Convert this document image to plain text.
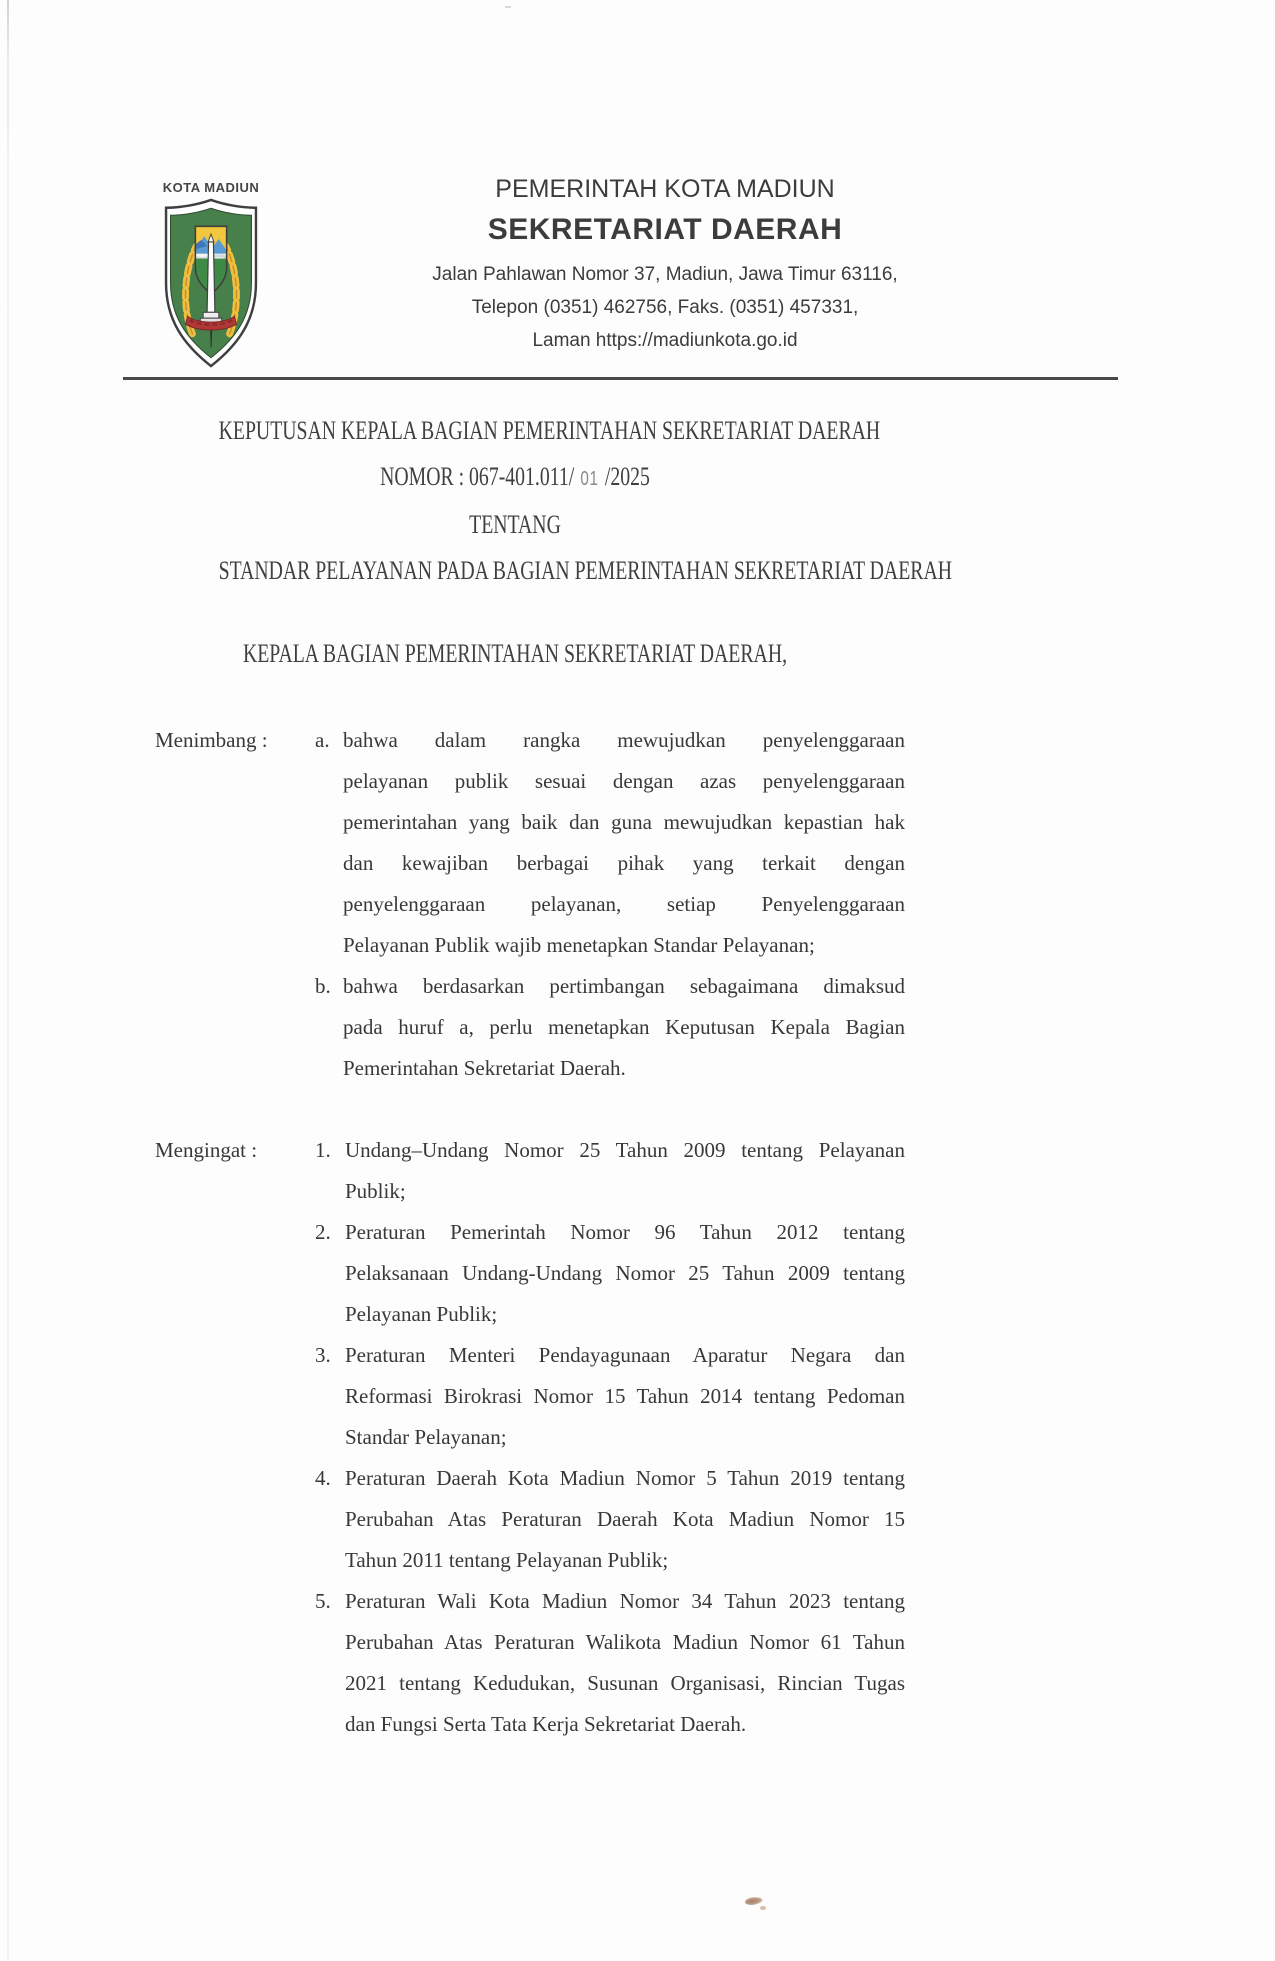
KOTA MADIUN	PEMERINTAH KOTA MADIUN
SEKRETARIAT DAERAH
Jalan Pahlawan Nomor 37, Madiun, Jawa Timur 63116,
Telepon (0351) 462756, Faks. (0351) 457331,
Laman https://madiunkota.go.id
KEPUTUSAN KEPALA BAGIAN PEMERINTAHAN SEKRETARIAT DAERAH
NOMOR : 067-401.011/ 01 /2025
TENTANG
STANDAR PELAYANAN PADA BAGIAN PEMERINTAHAN SEKRETARIAT DAERAH
KEPALA BAGIAN PEMERINTAHAN SEKRETARIAT DAERAH,
Menimbang :	a. bahwa dalam rangka mewujudkan penyelenggaraan
pelayanan publik sesuai dengan azas penyelenggaraan
pemerintahan yang baik dan guna mewujudkan kepastian hak
dan kewajiban berbagai pihak yang terkait dengan
penyelenggaraan pelayanan, setiap Penyelenggaraan
Pelayanan Publik wajib menetapkan Standar Pelayanan;
b. bahwa berdasarkan pertimbangan sebagaimana dimaksud
pada huruf a, perlu menetapkan Keputusan Kepala Bagian
Pemerintahan Sekretariat Daerah.
Mengingat :	1. Undang–Undang Nomor 25 Tahun 2009 tentang Pelayanan
Publik;
2. Peraturan Pemerintah Nomor 96 Tahun 2012 tentang
Pelaksanaan Undang-Undang Nomor 25 Tahun 2009 tentang
Pelayanan Publik;
3. Peraturan Menteri Pendayagunaan Aparatur Negara dan
Reformasi Birokrasi Nomor 15 Tahun 2014 tentang Pedoman
Standar Pelayanan;
4. Peraturan Daerah Kota Madiun Nomor 5 Tahun 2019 tentang
Perubahan Atas Peraturan Daerah Kota Madiun Nomor 15
Tahun 2011 tentang Pelayanan Publik;
5. Peraturan Wali Kota Madiun Nomor 34 Tahun 2023 tentang
Perubahan Atas Peraturan Walikota Madiun Nomor 61 Tahun
2021 tentang Kedudukan, Susunan Organisasi, Rincian Tugas
dan Fungsi Serta Tata Kerja Sekretariat Daerah.
